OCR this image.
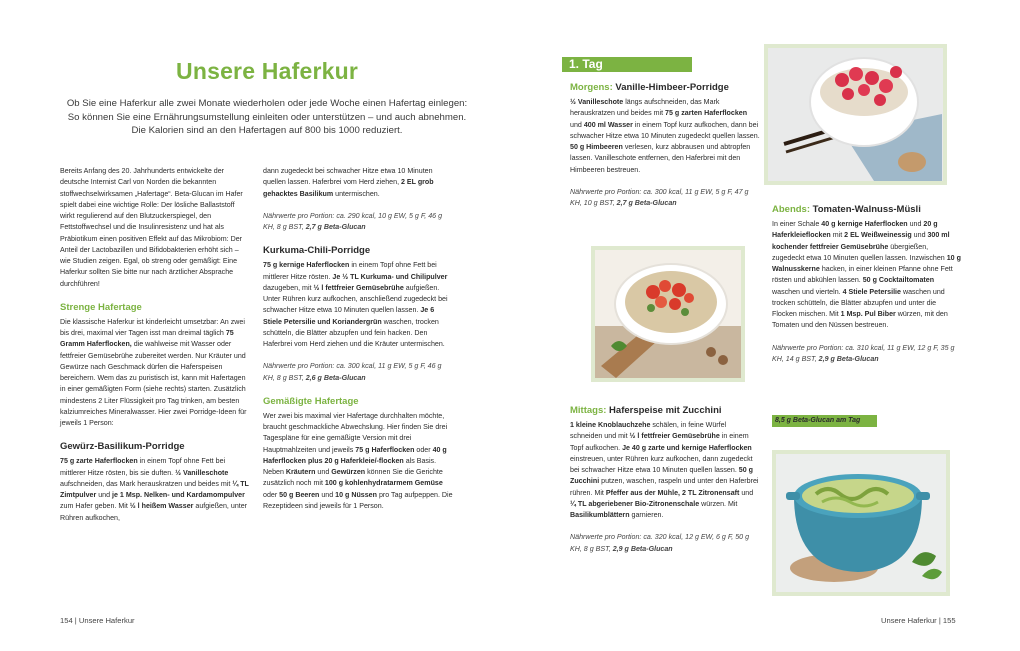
Unsere Haferkur

Ob Sie eine Haferkur alle zwei Monate wiederholen oder jede Woche einen Hafertag einlegen: So können Sie eine Ernährungsumstellung einleiten oder unterstützen – und auch abnehmen. Die Kalorien sind an den Hafertagen auf 800 bis 1000 reduziert.

Bereits Anfang des 20. Jahrhunderts entwickelte der deutsche Internist Carl von Norden die bekannten stoffwechselwirksamen „Hafertage“. Beta-Glucan im Hafer spielt dabei eine wichtige Rolle: Der lösliche Ballaststoff wirkt regulierend auf den Blutzuckerspiegel, den Fettstoffwechsel und die Insulinresistenz und hat als Präbiotikum einen positiven Effekt auf das Mikrobiom: Der Anteil der Lactobazillen und Bifidobakterien erhöht sich – wie Studien zeigen. Egal, ob streng oder gemäßigt: Eine Haferkur sollten Sie bitte nur nach ärztlicher Absprache durchführen!

Strenge Hafertage

Die klassische Haferkur ist kinderleicht umsetzbar: An zwei bis drei, maximal vier Tagen isst man dreimal täglich 75 Gramm Haferflocken, die wahlweise mit Wasser oder fettfreier Gemüsebrühe zubereitet werden. Nur Kräuter und Gewürze nach Geschmack dürfen die Haferspeisen bereichern. Wem das zu puristisch ist, kann mit Hafertagen in einer gemäßigten Form (siehe rechts) starten. Zusätzlich mindestens 2 Liter Flüssigkeit pro Tag trinken, am besten kalziumreiches Mineralwasser. Hier zwei Porridge-Ideen für jeweils 1 Person:

Gewürz-Basilikum-Porridge

75 g zarte Haferflocken in einem Topf ohne Fett bei mittlerer Hitze rösten, bis sie duften. ½ Vanilleschote aufschneiden, das Mark herauskratzen und beides mit ¼ TL Zimtpulver und je 1 Msp. Nelken- und Kardamompulver zum Hafer geben. Mit ½ l heißem Wasser aufgießen, unter Rühren aufkochen,

dann zugedeckt bei schwacher Hitze etwa 10 Minuten quellen lassen. Haferbrei vom Herd ziehen, 2 EL grob gehacktes Basilikum untermischen.

Nährwerte pro Portion: ca. 290 kcal, 10 g EW, 5 g F, 46 g KH, 8 g BST, 2,7 g Beta-Glucan

Kurkuma-Chili-Porridge

75 g kernige Haferflocken in einem Topf ohne Fett bei mittlerer Hitze rösten. Je ½ TL Kurkuma- und Chilipulver dazugeben, mit ½ l fettfreier Gemüsebrühe aufgießen. Unter Rühren kurz aufkochen, anschließend zugedeckt bei schwacher Hitze etwa 10 Minuten quellen lassen. Je 6 Stiele Petersilie und Koriandergrün waschen, trocken schütteln, die Blätter abzupfen und fein hacken. Den Haferbrei vom Herd ziehen und die Kräuter untermischen.

Nährwerte pro Portion: ca. 300 kcal, 11 g EW, 5 g F, 46 g KH, 8 g BST, 2,6 g Beta-Glucan

Gemäßigte Hafertage

Wer zwei bis maximal vier Hafertage durchhalten möchte, braucht geschmackliche Abwechslung. Hier finden Sie drei Tagespläne für eine gemäßigte Version mit drei Hauptmahlzeiten und jeweils 75 g Haferflocken oder 40 g Haferflocken plus 20 g Haferkleie/-flocken als Basis. Neben Kräutern und Gewürzen können Sie die Gerichte zusätzlich noch mit 100 g kohlenhydratarmem Gemüse oder 50 g Beeren und 10 g Nüssen pro Tag aufpeppen. Die Rezeptideen sind jeweils für 1 Person.

154 | Unsere Haferkur
1. Tag
Morgens: Vanille-Himbeer-Porridge

½ Vanilleschote längs aufschneiden, das Mark herauskratzen und beides mit 75 g zarten Haferflocken und 400 ml Wasser in einem Topf kurz aufkochen, dann bei schwacher Hitze etwa 10 Minuten zugedeckt quellen lassen. 50 g Himbeeren verlesen, kurz abbrausen und abtropfen lassen. Vanilleschote entfernen, den Haferbrei mit den Himbeeren bestreuen.

Nährwerte pro Portion: ca. 300 kcal, 11 g EW, 5 g F, 47 g KH, 10 g BST, 2,7 g Beta-Glucan

Mittags: Haferspeise mit Zucchini

1 kleine Knoblauchzehe schälen, in feine Würfel schneiden und mit ½ l fettfreier Gemüsebrühe in einem Topf aufkochen. Je 40 g zarte und kernige Haferflocken einstreuen, unter Rühren kurz aufkochen, dann zugedeckt bei schwacher Hitze etwa 10 Minuten quellen lassen. 50 g Zucchini putzen, waschen, raspeln und unter den Haferbrei rühren. Mit Pfeffer aus der Mühle, 2 TL Zitronensaft und ¼ TL abgeriebener Bio-Zitronenschale würzen. Mit Basilikumblättern garnieren.

Nährwerte pro Portion: ca. 320 kcal, 12 g EW, 6 g F, 50 g KH, 8 g BST, 2,9 g Beta-Glucan

Abends: Tomaten-Walnuss-Müsli

In einer Schale 40 g kernige Haferflocken und 20 g Haferkleieflocken mit 2 EL Weißweinessig und 300 ml kochender fettfreier Gemüsebrühe übergießen, zugedeckt etwa 10 Minuten quellen lassen. Inzwischen 10 g Walnusskerne hacken, in einer kleinen Pfanne ohne Fett rösten und abkühlen lassen. 50 g Cocktailtomaten waschen und vierteln. 4 Stiele Petersilie waschen und trocken schütteln, die Blätter abzupfen und unter die Flocken mischen. Mit 1 Msp. Pul Biber würzen, mit den Tomaten und den Nüssen bestreuen.

Nährwerte pro Portion: ca. 310 kcal, 11 g EW, 12 g F, 35 g KH, 14 g BST, 2,9 g Beta-Glucan

8,5 g Beta-Glucan am Tag
Unsere Haferkur | 155
